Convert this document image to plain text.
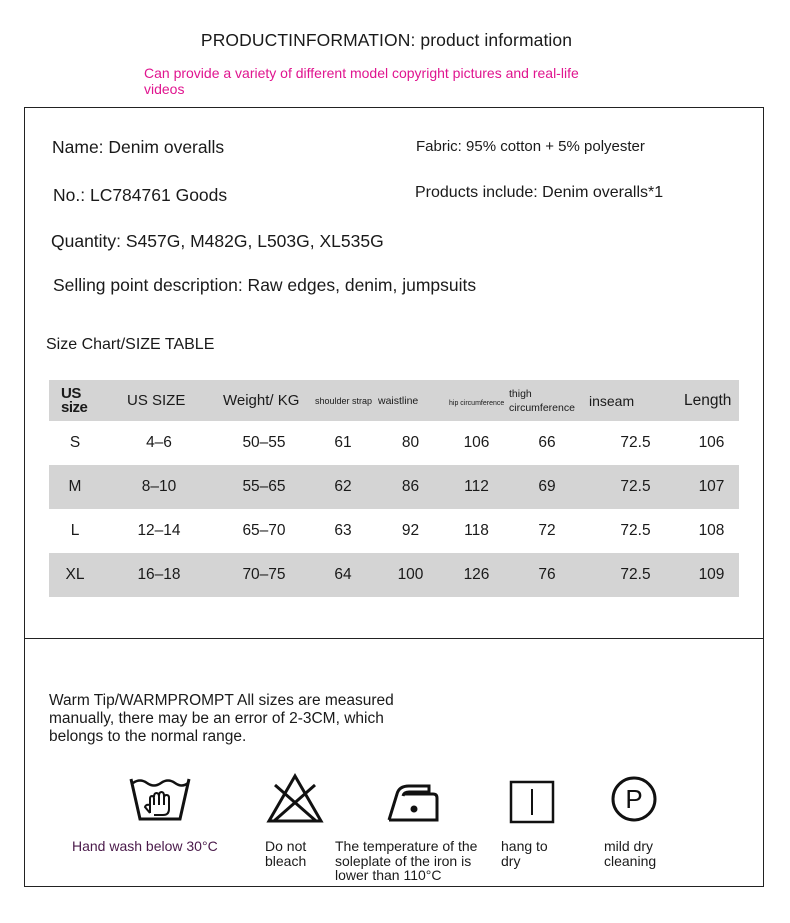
PRODUCTINFORMATION: product information
Can provide a variety of different model copyright pictures and real-life videos
Name: Denim overalls	Fabric: 95% cotton + 5% polyester
No.: LC784761 Goods	Products include: Denim overalls*1
Quantity: S457G, M482G, L503G, XL535G
Selling point description: Raw edges, denim, jumpsuits
Size Chart/SIZE TABLE
US
size	US SIZE	Weight/ KG	shoulder strap	waistline	hip circumference	thigh circumference	inseam	Length
S	4–6	50–55	61	80	106	66	72.5	106
M	8–10	55–65	62	86	112	69	72.5	107
L	12–14	65–70	63	92	118	72	72.5	108
XL	16–18	70–75	64	100	126	76	72.5	109
Warm Tip/WARMPROMPT All sizes are measured manually, there may be an error of 2-3CM, which belongs to the normal range.
P
Hand wash below 30°C	Do not bleach
The temperature of the soleplate of the iron is lower than 110°C
hang to dry
mild dry cleaning
